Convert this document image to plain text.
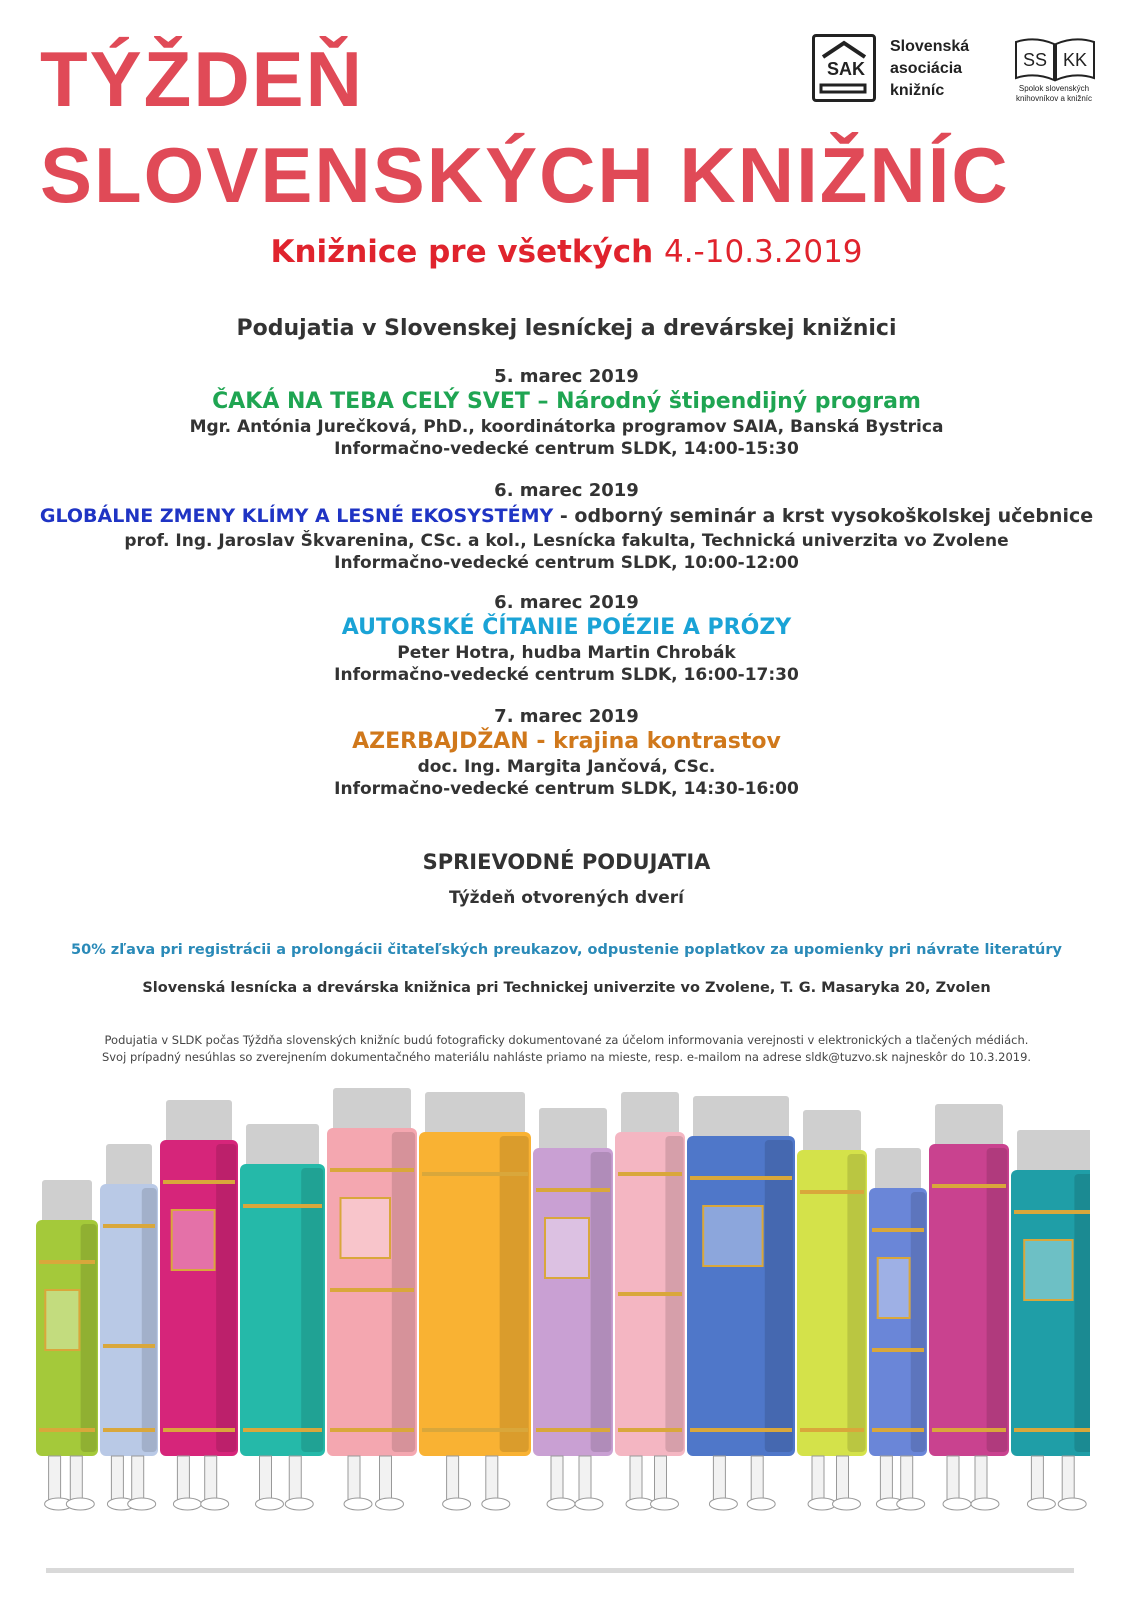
TÝŽDEŇ
SLOVENSKÝCH KNIŽNÍC
SAK
Slovenská
asociácia
knižníc
SS KK
Spolok slovenských
knihovníkov a knižníc

Knižnice pre všetkých 4.-10.3.2019

Podujatia v Slovenskej lesníckej a drevárskej knižnici

5. marec 2019
ČAKÁ NA TEBA CELÝ SVET – Národný štipendijný program
Mgr. Antónia Jurečková, PhD., koordinátorka programov SAIA, Banská Bystrica
Informačno-vedecké centrum SLDK, 14:00-15:30
6. marec 2019
GLOBÁLNE ZMENY KLÍMY A LESNÉ EKOSYSTÉMY - odborný seminár a krst vysokoškolskej učebnice
prof. Ing. Jaroslav Škvarenina, CSc. a kol., Lesnícka fakulta, Technická univerzita vo Zvolene
Informačno-vedecké centrum SLDK, 10:00-12:00
6. marec 2019
AUTORSKÉ ČÍTANIE POÉZIE A PRÓZY
Peter Hotra, hudba Martin Chrobák
Informačno-vedecké centrum SLDK, 16:00-17:30
7. marec 2019
AZERBAJDŽAN - krajina kontrastov
doc. Ing. Margita Jančová, CSc.
Informačno-vedecké centrum SLDK, 14:30-16:00

SPRIEVODNÉ PODUJATIA

Týždeň otvorených dverí

50% zľava pri registrácii a prolongácii čitateľských preukazov, odpustenie poplatkov za upomienky pri návrate literatúry

Slovenská lesnícka a drevárska knižnica pri Technickej univerzite vo Zvolene, T. G. Masaryka 20, Zvolen

Podujatia v SLDK počas Týždňa slovenských knižníc budú fotograficky dokumentované za účelom informovania verejnosti v elektronických a tlačených médiách.
Svoj prípadný nesúhlas so zverejnením dokumentačného materiálu nahláste priamo na mieste, resp. e-mailom na adrese sldk@tuzvo.sk najneskôr do 10.3.2019.
